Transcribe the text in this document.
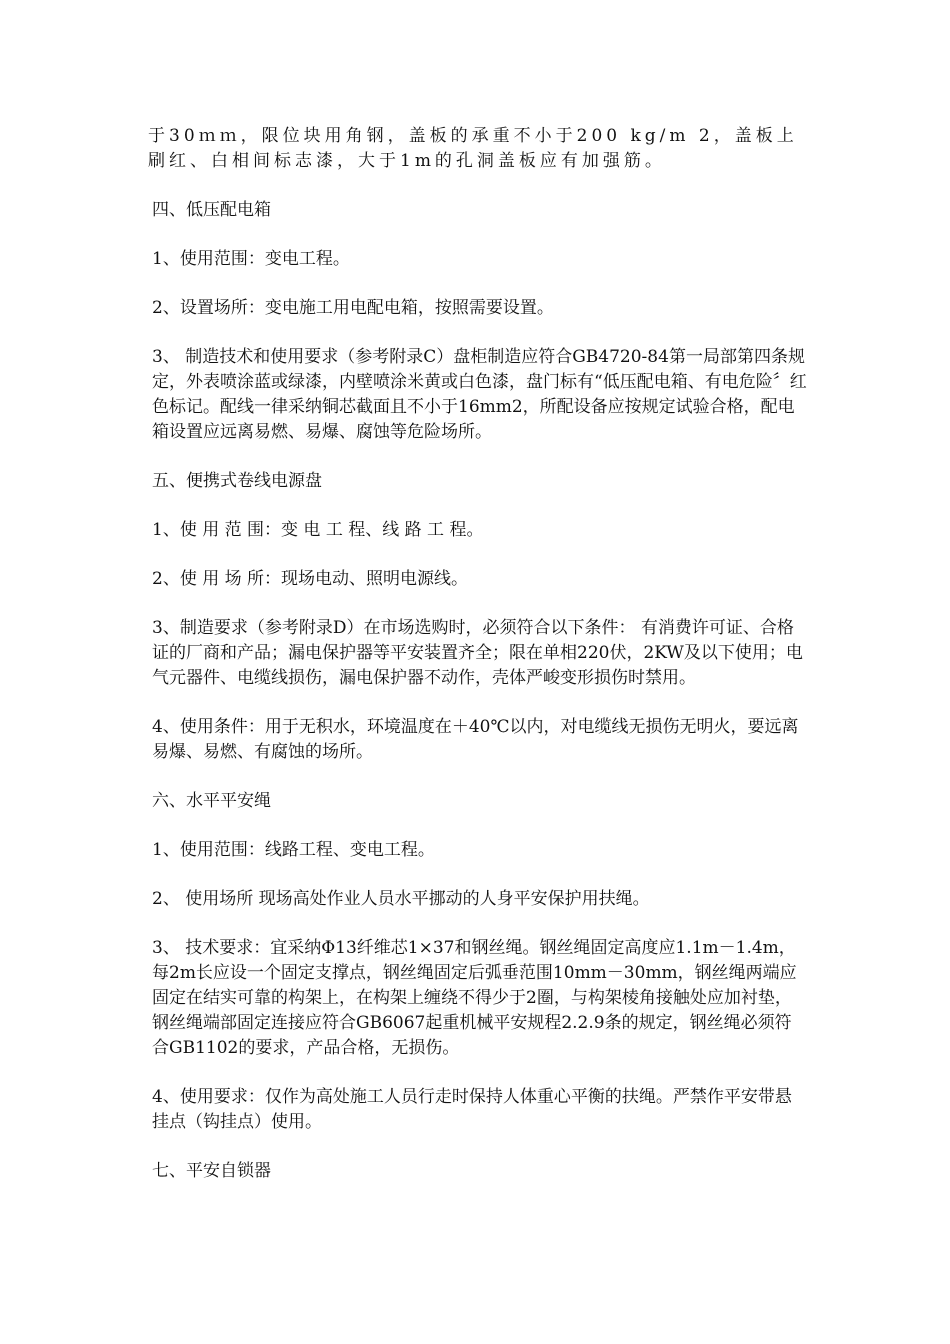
于30ｍｍ，限位块用角钢，盖板的承重不小于200 kg/m 2，盖板上刷红、白相间标志漆，大于1m的孔洞盖板应有加强筋。

四、低压配电箱

1、使用范围：变电工程。

2、设置场所：变电施工用电配电箱，按照需要设置。

3、 制造技术和使用要求（参考附录C）盘柜制造应符合GB4720-84第一局部第四条规定，外表喷涂蓝或绿漆，内壁喷涂米黄或白色漆，盘门标有“低压配电箱、有电危险〞红色标记。配线一律采纳铜芯截面且不小于16mm2，所配设备应按规定试验合格，配电箱设置应远离易燃、易爆、腐蚀等危险场所。

五、便携式卷线电源盘

1、使 用 范 围：变 电 工 程、线 路 工 程。

2、使 用 场 所：现场电动、照明电源线。

3、制造要求（参考附录D）在市场选购时，必须符合以下条件： 有消费许可证、合格证的厂商和产品；漏电保护器等平安装置齐全；限在单相220伏，2KW及以下使用；电气元器件、电缆线损伤，漏电保护器不动作，壳体严峻变形损伤时禁用。

4、使用条件：用于无积水，环境温度在＋40℃以内，对电缆线无损伤无明火，要远离易爆、易燃、有腐蚀的场所。

六、水平平安绳

1、使用范围：线路工程、变电工程。

2、 使用场所 现场高处作业人员水平挪动的人身平安保护用扶绳。

3、 技术要求：宜采纳Φ13纤维芯1×37和钢丝绳。钢丝绳固定高度应1.1m－1.4m，每2m长应设一个固定支撑点，钢丝绳固定后弧垂范围10mm－30mm，钢丝绳两端应固定在结实可靠的构架上，在构架上缠绕不得少于2圈，与构架棱角接触处应加衬垫，钢丝绳端部固定连接应符合GB6067起重机械平安规程2.2.9条的规定，钢丝绳必须符合GB1102的要求，产品合格，无损伤。

4、使用要求：仅作为高处施工人员行走时保持人体重心平衡的扶绳。严禁作平安带悬挂点（钩挂点）使用。

七、平安自锁器
